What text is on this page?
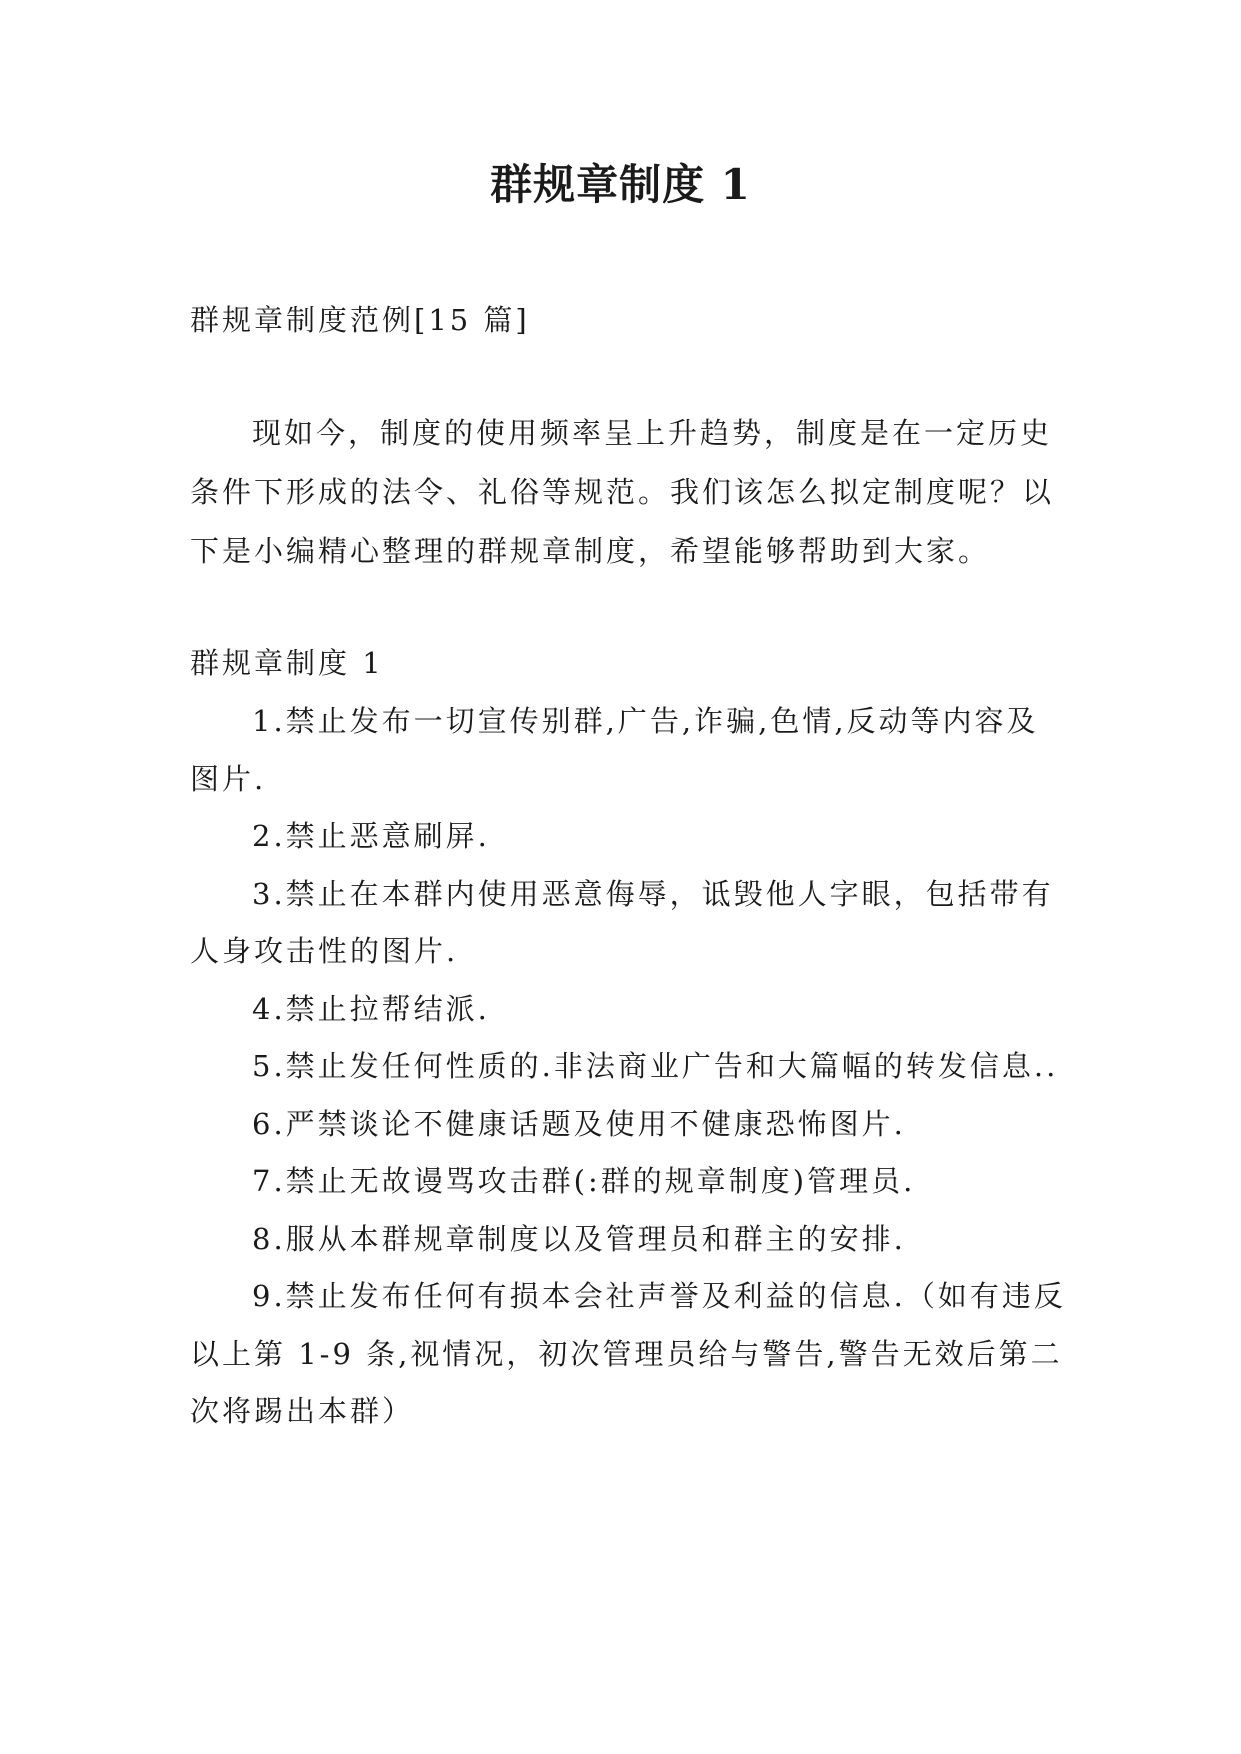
群规章制度 1

群规章制度范例[15 篇]

现如今，制度的使用频率呈上升趋势，制度是在一定历史条件下形成的法令、礼俗等规范。我们该怎么拟定制度呢？以下是小编精心整理的群规章制度，希望能够帮助到大家。

群规章制度 1

1.禁止发布一切宣传别群,广告,诈骗,色情,反动等内容及图片.
2.禁止恶意刷屏.
3.禁止在本群内使用恶意侮辱，诋毁他人字眼，包括带有人身攻击性的图片.
4.禁止拉帮结派.
5.禁止发任何性质的.非法商业广告和大篇幅的转发信息..
6.严禁谈论不健康话题及使用不健康恐怖图片.
7.禁止无故谩骂攻击群(:群的规章制度)管理员.
8.服从本群规章制度以及管理员和群主的安排.
9.禁止发布任何有损本会社声誉及利益的信息.（如有违反以上第 1-9 条,视情况，初次管理员给与警告,警告无效后第二次将踢出本群）
